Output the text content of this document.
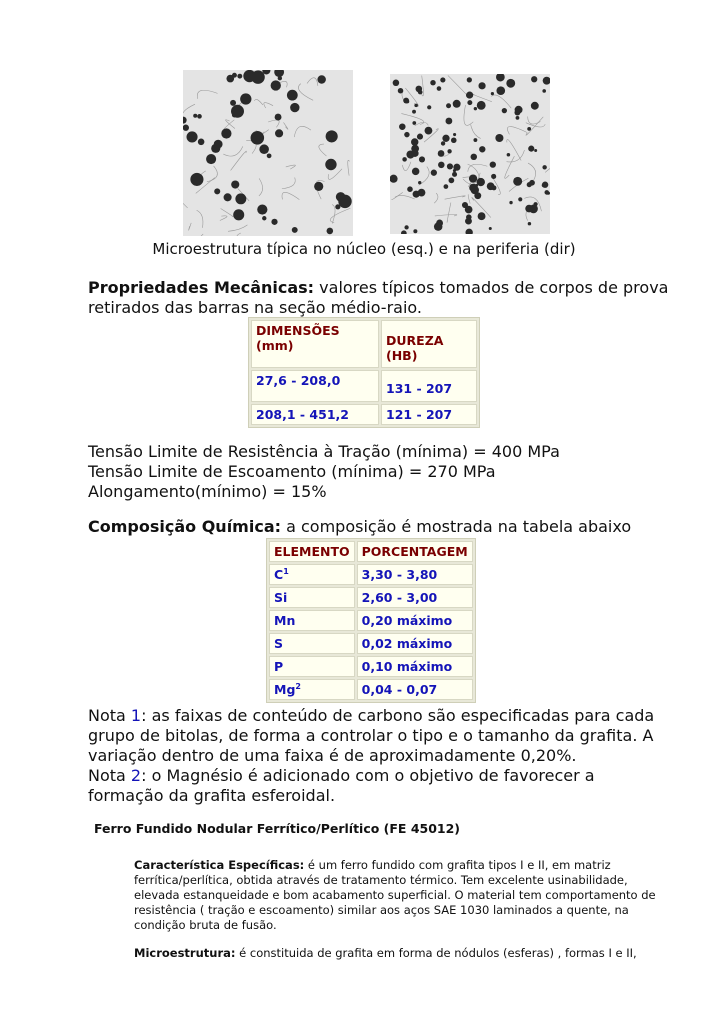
Microestrutura típica no núcleo (esq.) e na periferia (dir)
Propriedades Mecânicas: valores típicos tomados de corpos de prova
retirados das barras na seção médio-raio.
DIMENSÕES (mm)	DUREZA (HB)
27,6 - 208,0	131 - 207
208,1 - 451,2	121 - 207
Tensão Limite de Resistência à Tração (mínima) = 400 MPa
Tensão Limite de Escoamento (mínima) = 270 MPa
Alongamento(mínimo) = 15%
Composição Química: a composição é mostrada na tabela abaixo
ELEMENTO	PORCENTAGEM
$C^1$	3,30 - 3,80
Si	2,60 - 3,00
Mn	0,20 máximo
S	0,02 máximo
P	0,10 máximo
Mg$^2$	0,04 - 0,07
Nota 1: as faixas de conteúdo de carbono são especificadas para cada
grupo de bitolas, de forma a controlar o tipo e o tamanho da grafita. A
variação dentro de uma faixa é de aproximadamente 0,20%.
Nota 2: o Magnésio é adicionado com o objetivo de favorecer a
formação da grafita esferoidal.
Ferro Fundido Nodular Ferrítico/Perlítico (FE 45012)
Característica Específicas: é um ferro fundido com grafita tipos I e II, em matriz
ferrítica/perlítica, obtida através de tratamento térmico. Tem excelente usinabilidade,
elevada estanqueidade e bom acabamento superficial. O material tem comportamento de
resistência ( tração e escoamento) similar aos aços SAE 1030 laminados a quente, na
condição bruta de fusão.
Microestrutura: é constituida de grafita em forma de nódulos (esferas) , formas I e II,
